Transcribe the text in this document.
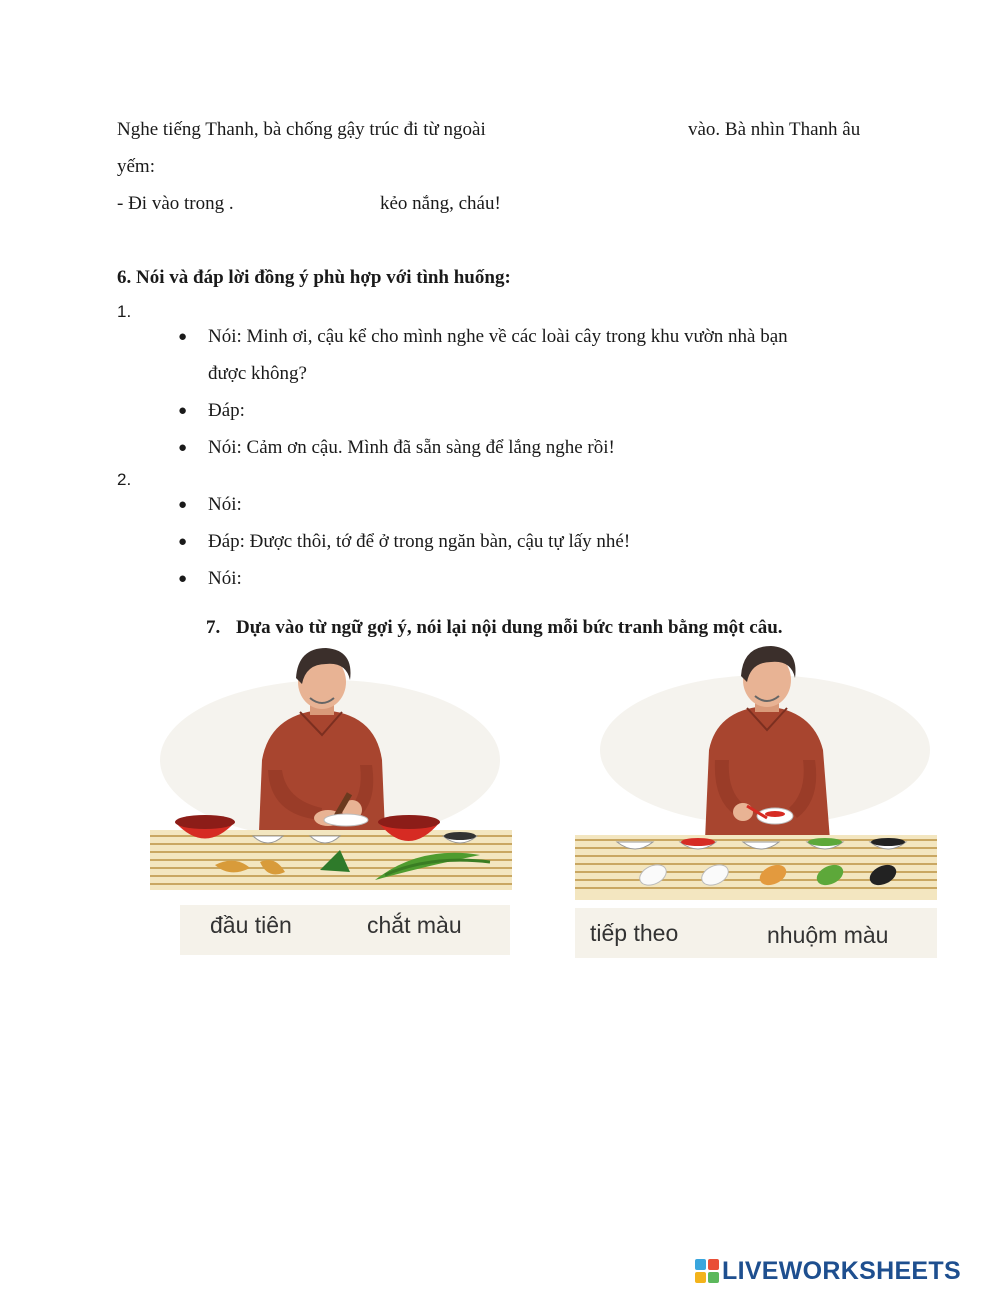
Nghe tiếng Thanh, bà chống gậy trúc đi từ ngoài	vào. Bà nhìn Thanh âu
yếm:
- Đi vào trong .	kẻo nắng, cháu!
6. Nói và đáp lời đồng ý phù hợp với tình huống:
1.
● Nói: Minh ơi, cậu kể cho mình nghe về các loài cây trong khu vườn nhà bạn
được không?
● Đáp:
● Nói: Cảm ơn cậu. Mình đã sẵn sàng để lắng nghe rồi!
2.
● Nói:
● Đáp: Được thôi, tớ để ở trong ngăn bàn, cậu tự lấy nhé!
● Nói:
7. Dựa vào từ ngữ gợi ý, nói lại nội dung mỗi bức tranh bằng một câu.
đầu tiên	chắt màu	tiếp theo	nhuộm màu
LIVEWORKSHEETS
